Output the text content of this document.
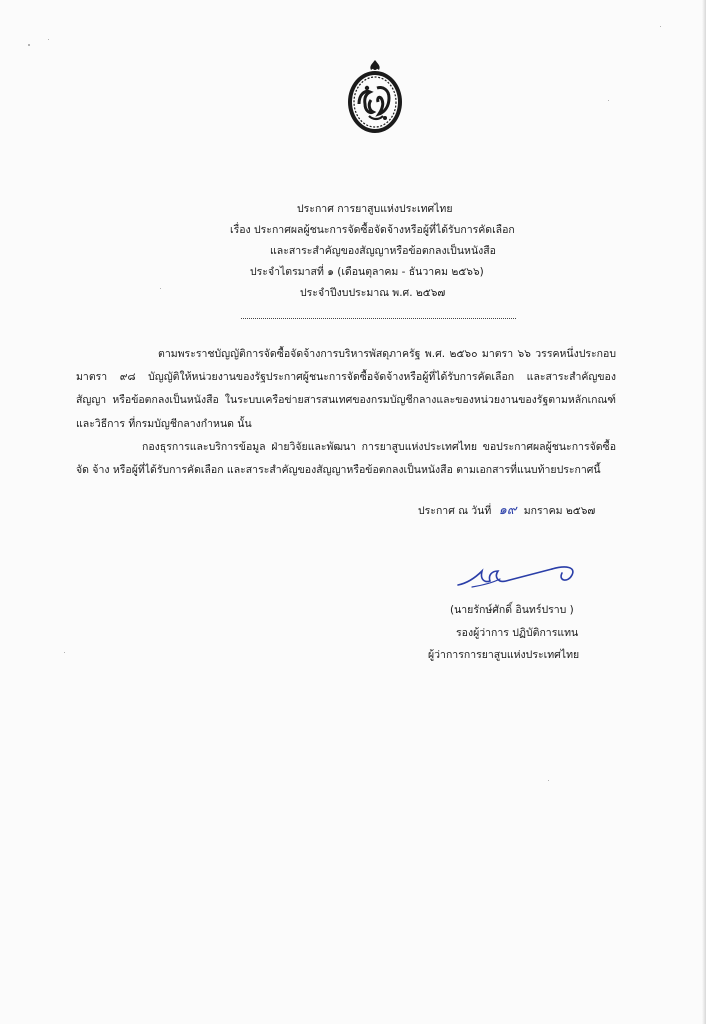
ประกาศ การยาสูบแห่งประเทศไทย
เรื่อง ประกาศผลผู้ชนะการจัดซื้อจัดจ้างหรือผู้ที่ได้รับการคัดเลือก
และสาระสำคัญของสัญญาหรือข้อตกลงเป็นหนังสือ
ประจำไตรมาสที่ ๑ (เดือนตุลาคม - ธันวาคม ๒๕๖๖)
ประจำปีงบประมาณ พ.ศ. ๒๕๖๗

ตามพระราชบัญญัติการจัดซื้อจัดจ้างการบริหารพัสดุภาครัฐ พ.ศ. ๒๕๖๐ มาตรา ๖๖ วรรคหนึ่งประกอบ มาตรา ๙๘ บัญญัติให้หน่วยงานของรัฐประกาศผู้ชนะการจัดซื้อจัดจ้างหรือผู้ที่ได้รับการคัดเลือก และสาระสำคัญของสัญญา หรือข้อตกลงเป็นหนังสือ ในระบบเครือข่ายสารสนเทศของกรมบัญชีกลางและของหน่วยงานของรัฐตามหลักเกณฑ์และวิธีการ ที่กรมบัญชีกลางกำหนด นั้น

กองธุรการและบริการข้อมูล ฝ่ายวิจัยและพัฒนา การยาสูบแห่งประเทศไทย ขอประกาศผลผู้ชนะการจัดซื้อจัด จ้าง หรือผู้ที่ได้รับการคัดเลือก และสาระสำคัญของสัญญาหรือข้อตกลงเป็นหนังสือ ตามเอกสารที่แนบท้ายประกาศนี้

ประกาศ ณ วันที่ ๑๙ มกราคม ๒๕๖๗
(นายรักษ์ศักดิ์ อินทร์ปราบ )
รองผู้ว่าการ ปฏิบัติการแทน
ผู้ว่าการการยาสูบแห่งประเทศไทย
